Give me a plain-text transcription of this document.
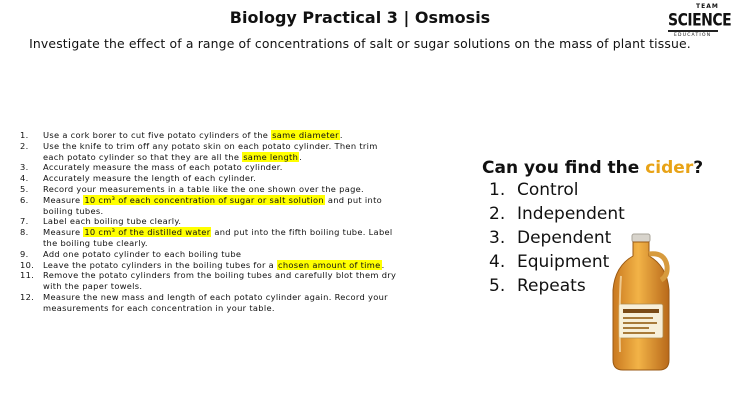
Biology Practical 3 | Osmosis
Investigate the effect of a range of concentrations of salt or sugar solutions on the mass of plant tissue.
TEAM
SCIENCE
EDUCATION
1. Use a cork borer to cut five potato cylinders of the same diameter.
2. Use the knife to trim off any potato skin on each potato cylinder. Then trim each potato cylinder so that they are all the same length.
3. Accurately measure the mass of each potato cylinder.
4. Accurately measure the length of each cylinder.
5. Record your measurements in a table like the one shown over the page.
6. Measure 10 cm³ of each concentration of sugar or salt solution and put into boiling tubes.
7. Label each boiling tube clearly.
8. Measure 10 cm³ of the distilled water and put into the fifth boiling tube. Label the boiling tube clearly.
9. Add one potato cylinder to each boiling tube
10. Leave the potato cylinders in the boiling tubes for a chosen amount of time.
11. Remove the potato cylinders from the boiling tubes and carefully blot them dry with the paper towels.
12. Measure the new mass and length of each potato cylinder again. Record your measurements for each concentration in your table.
Can you find the cider?
1. Control
2. Independent
3. Dependent
4. Equipment
5. Repeats
